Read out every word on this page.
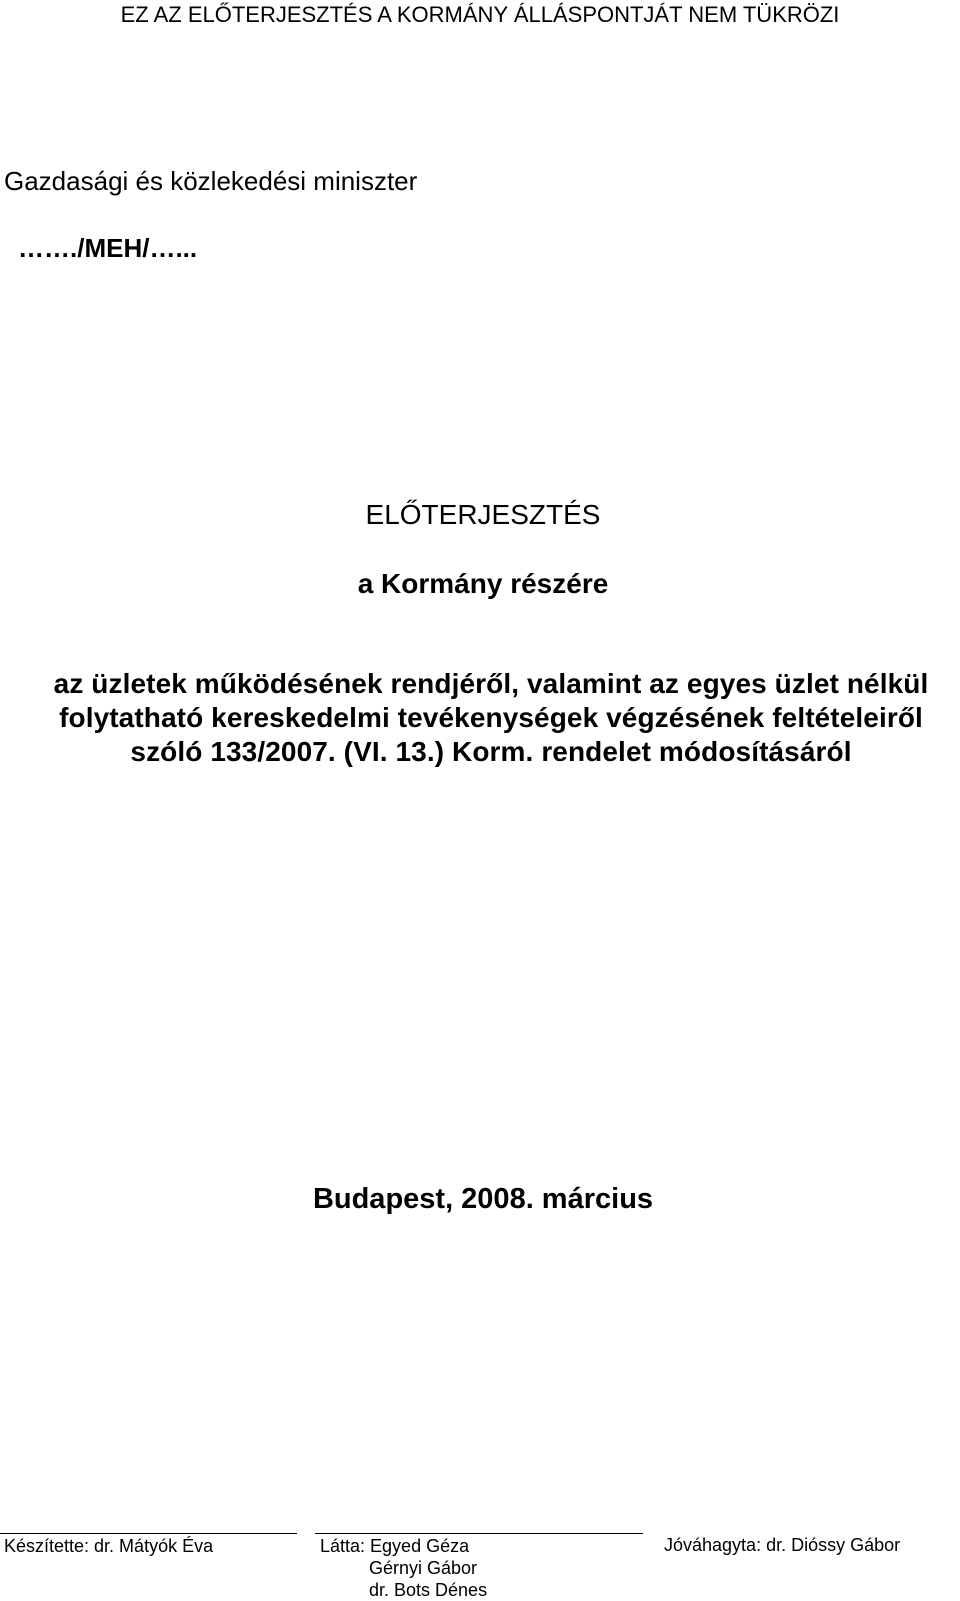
EZ AZ ELŐTERJESZTÉS A KORMÁNY ÁLLÁSPONTJÁT NEM TÜKRÖZI
Gazdasági és közlekedési miniszter
……./MEH/…...
ELŐTERJESZTÉS
a Kormány részére
az üzletek működésének rendjéről, valamint az egyes üzlet nélkül
folytatható kereskedelmi tevékenységek végzésének feltételeiről
szóló 133/2007. (VI. 13.) Korm. rendelet módosításáról
Budapest, 2008. március
Készítette: dr. Mátyók Éva	Látta: Egyed Géza
Gérnyi Gábor
dr. Bots Dénes
Jóváhagyta: dr. Dióssy Gábor
